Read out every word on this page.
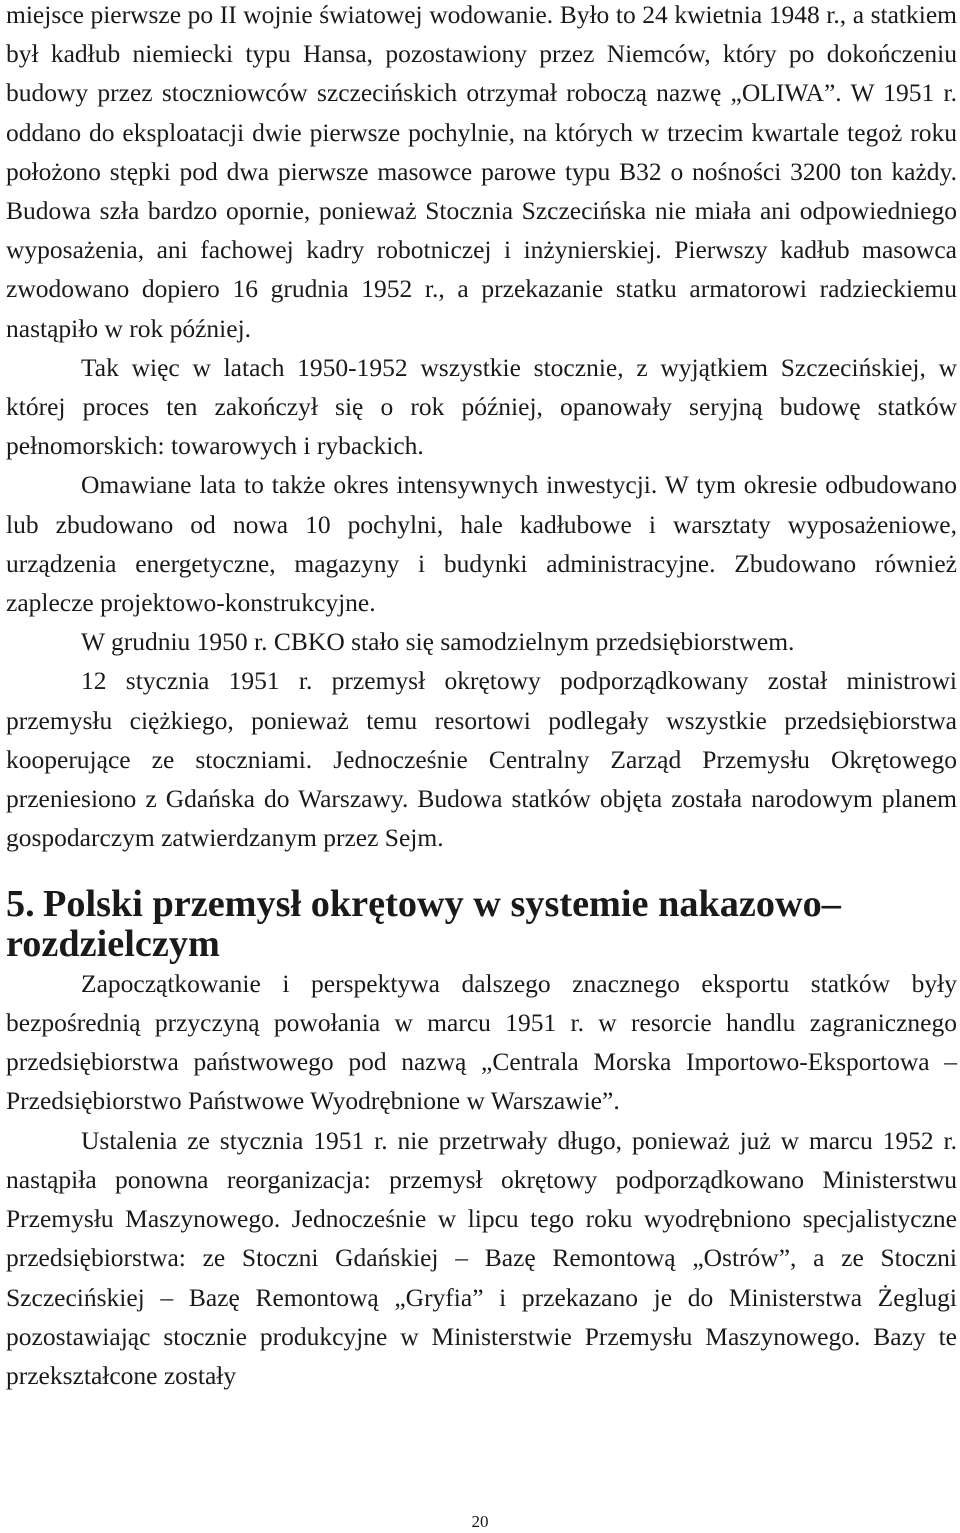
miejsce pierwsze po II wojnie światowej wodowanie. Było to 24 kwietnia 1948 r., a statkiem był kadłub niemiecki typu Hansa, pozostawiony przez Niemców, który po dokończeniu budowy przez stoczniowców szczecińskich otrzymał roboczą nazwę „OLIWA”. W 1951 r. oddano do eksploatacji dwie pierwsze pochylnie, na których w trzecim kwartale tegoż roku położono stępki pod dwa pierwsze masowce parowe typu B32 o nośności 3200 ton każdy. Budowa szła bardzo opornie, ponieważ Stocznia Szczecińska nie miała ani odpowiedniego wyposażenia, ani fachowej kadry robotniczej i inżynierskiej. Pierwszy kadłub masowca zwodowano dopiero 16 grudnia 1952 r., a przekazanie statku armatorowi radzieckiemu nastąpiło w rok później.

Tak więc w latach 1950-1952 wszystkie stocznie, z wyjątkiem Szczecińskiej, w której proces ten zakończył się o rok później, opanowały seryjną budowę statków pełnomorskich: towarowych i rybackich.

Omawiane lata to także okres intensywnych inwestycji. W tym okresie odbudowano lub zbudowano od nowa 10 pochylni, hale kadłubowe i warsztaty wyposażeniowe, urządzenia energetyczne, magazyny i budynki administracyjne. Zbudowano również zaplecze projektowo-konstrukcyjne.

W grudniu 1950 r. CBKO stało się samodzielnym przedsiębiorstwem.

12 stycznia 1951 r. przemysł okrętowy podporządkowany został ministrowi przemysłu ciężkiego, ponieważ temu resortowi podlegały wszystkie przedsiębiorstwa kooperujące ze stoczniami. Jednocześnie Centralny Zarząd Przemysłu Okrętowego przeniesiono z Gdańska do Warszawy. Budowa statków objęta została narodowym planem gospodarczym zatwierdzanym przez Sejm.

5. Polski przemysł okrętowy w systemie nakazowo–rozdzielczym

Zapoczątkowanie i perspektywa dalszego znacznego eksportu statków były bezpośrednią przyczyną powołania w marcu 1951 r. w resorcie handlu zagranicznego przedsiębiorstwa państwowego pod nazwą „Centrala Morska Importowo-Eksportowa – Przedsiębiorstwo Państwowe Wyodrębnione w Warszawie”.

Ustalenia ze stycznia 1951 r. nie przetrwały długo, ponieważ już w marcu 1952 r. nastąpiła ponowna reorganizacja: przemysł okrętowy podporządkowano Ministerstwu Przemysłu Maszynowego. Jednocześnie w lipcu tego roku wyodrębniono specjalistyczne przedsiębiorstwa: ze Stoczni Gdańskiej – Bazę Remontową „Ostrów”, a ze Stoczni Szczecińskiej – Bazę Remontową „Gryfia” i przekazano je do Ministerstwa Żeglugi pozostawiając stocznie produkcyjne w Ministerstwie Przemysłu Maszynowego. Bazy te przekształcone zostały

20
